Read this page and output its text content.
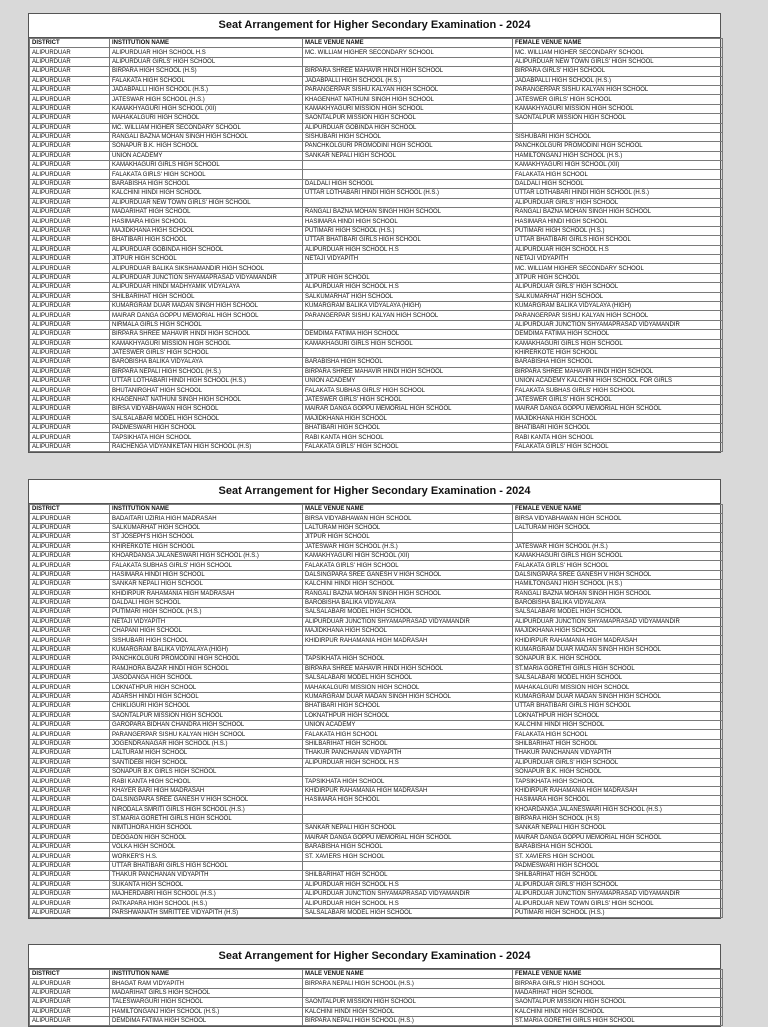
Seat Arrangement for Higher Secondary Examination - 2024
DISTRICT	INSTITUTION NAME	MALE VENUE NAME	FEMALE VENUE NAME
ALIPURDUAR	ALIPURDUAR HIGH SCHOOL H.S	MC. WILLIAM HIGHER SECONDARY SCHOOL	MC. WILLIAM HIGHER SECONDARY SCHOOL
ALIPURDUAR	ALIPURDUAR GIRLS' HIGH SCHOOL		ALIPURDUAR NEW TOWN GIRLS' HIGH SCHOOL
ALIPURDUAR	BIRPARA HIGH SCHOOL (H.S)	BIRPARA SHREE MAHAVIR HINDI HIGH SCHOOL	BIRPARA GIRLS' HIGH SCHOOL
ALIPURDUAR	FALAKATA HIGH SCHOOL	JADABPALLI HIGH SCHOOL (H.S.)	JADABPALLI HIGH SCHOOL (H.S.)
ALIPURDUAR	JADABPALLI HIGH SCHOOL (H.S.)	PARANGERPAR SISHU KALYAN HIGH SCHOOL	PARANGERPAR SISHU KALYAN HIGH SCHOOL
ALIPURDUAR	JATESWAR HIGH SCHOOL (H.S.)	KHAGENHAT NATHUNI SINGH HIGH SCHOOL	JATESWER GIRLS' HIGH SCHOOL
ALIPURDUAR	KAMAKHYAGURI HIGH SCHOOL (XII)	KAMAKHYAGURI MISSION HIGH SCHOOL	KAMAKHYAGURI MISSION HIGH SCHOOL
ALIPURDUAR	MAHAKALGURI HIGH SCHOOL	SAONTALPUR MISSION HIGH SCHOOL	SAONTALPUR MISSION HIGH SCHOOL
ALIPURDUAR	MC. WILLIAM HIGHER SECONDARY SCHOOL	ALIPURDUAR GOBINDA HIGH SCHOOL	
ALIPURDUAR	RANGALI BAZNA MOHAN SINGH HIGH SCHOOL	SISHUBARI HIGH SCHOOL	SISHUBARI HIGH SCHOOL
ALIPURDUAR	SONAPUR B.K. HIGH SCHOOL	PANCHKOLGURI PROMODINI HIGH SCHOOL	PANCHKOLGURI PROMODINI HIGH SCHOOL
ALIPURDUAR	UNION ACADEMY	SANKAR NEPALI HIGH SCHOOL	HAMILTONGANJ HIGH SCHOOL (H.S.)
ALIPURDUAR	KAMAKHAGURI GIRLS HIGH SCHOOL		KAMAKHYAGURI HIGH SCHOOL (XII)
ALIPURDUAR	FALAKATA GIRLS' HIGH SCHOOL		FALAKATA HIGH SCHOOL
ALIPURDUAR	BARABISHA HIGH SCHOOL	DALDALI HIGH SCHOOL	DALDALI HIGH SCHOOL
ALIPURDUAR	KALCHINI HINDI HIGH SCHOOL	UTTAR LOTHABARI HINDI HIGH SCHOOL (H.S.)	UTTAR LOTHABARI HINDI HIGH SCHOOL (H.S.)
ALIPURDUAR	ALIPURDUAR NEW TOWN GIRLS' HIGH SCHOOL		ALIPURDUAR GIRLS' HIGH SCHOOL
ALIPURDUAR	MADARIHAT HIGH SCHOOL	RANGALI BAZNA MOHAN SINGH HIGH SCHOOL	RANGALI BAZNA MOHAN SINGH HIGH SCHOOL
ALIPURDUAR	HASIMARA HIGH SCHOOL	HASIMARA HINDI HIGH SCHOOL	HASIMARA HINDI HIGH SCHOOL
ALIPURDUAR	MAJIDKHANA HIGH SCHOOL	PUTIMARI HIGH SCHOOL (H.S.)	PUTIMARI HIGH SCHOOL (H.S.)
ALIPURDUAR	BHATIBARI HIGH SCHOOL	UTTAR BHATIBARI GIRLS HIGH SCHOOL	UTTAR BHATIBARI GIRLS HIGH SCHOOL
ALIPURDUAR	ALIPURDUAR GOBINDA HIGH SCHOOL	ALIPURDUAR HIGH SCHOOL H.S	ALIPURDUAR HIGH SCHOOL H.S
ALIPURDUAR	JITPUR HIGH SCHOOL	NETAJI VIDYAPITH	NETAJI VIDYAPITH
ALIPURDUAR	ALIPURDUAR BALIKA SIKSHAMANDIR HIGH SCHOOL		MC. WILLIAM HIGHER SECONDARY SCHOOL
ALIPURDUAR	ALIPURDUAR JUNCTION SHYAMAPRASAD VIDYAMANDIR	JITPUR HIGH SCHOOL	JITPUR HIGH SCHOOL
ALIPURDUAR	ALIPURDUAR HINDI MADHYAMIK VIDYALAYA	ALIPURDUAR HIGH SCHOOL H.S	ALIPURDUAR GIRLS' HIGH SCHOOL
ALIPURDUAR	SHILBARIHAT HIGH SCHOOL	SALKUMARHAT HIGH SCHOOL	SALKUMARHAT HIGH SCHOOL
ALIPURDUAR	KUMARGRAM DUAR MADAN SINGH HIGH SCHOOL	KUMARGRAM BALIKA VIDYALAYA (HIGH)	KUMARGRAM BALIKA VIDYALAYA (HIGH)
ALIPURDUAR	MAIRAR DANGA GOPPU MEMORIAL HIGH SCHOOL	PARANGERPAR SISHU KALYAN HIGH SCHOOL	PARANGERPAR SISHU KALYAN HIGH SCHOOL
ALIPURDUAR	NIRMALA GIRLS HIGH SCHOOL		ALIPURDUAR JUNCTION SHYAMAPRASAD VIDYAMANDIR
ALIPURDUAR	BIRPARA SHREE MAHAVIR HINDI HIGH SCHOOL	DEMDIMA FATIMA HIGH SCHOOL	DEMDIMA FATIMA HIGH SCHOOL
ALIPURDUAR	KAMAKHYAGURI MISSION HIGH SCHOOL	KAMAKHAGURI GIRLS HIGH SCHOOL	KAMAKHAGURI GIRLS HIGH SCHOOL
ALIPURDUAR	JATESWER GIRLS' HIGH SCHOOL		KHIRERKOTE HIGH SCHOOL
ALIPURDUAR	BAROBISHA BALIKA VIDYALAYA	BARABISHA HIGH SCHOOL	BARABISHA HIGH SCHOOL
ALIPURDUAR	BIRPARA NEPALI HIGH SCHOOL (H.S.)	BIRPARA SHREE MAHAVIR HINDI HIGH SCHOOL	BIRPARA SHREE MAHAVIR HINDI HIGH SCHOOL
ALIPURDUAR	UTTAR LOTHABARI HINDI HIGH SCHOOL (H.S.)	UNION ACADEMY	UNION ACADEMY KALCHINI HIGH SCHOOL FOR GIRLS
ALIPURDUAR	BHUTANIRGHAT HIGH SCHOOL	FALAKATA SUBHAS GIRLS' HIGH SCHOOL	FALAKATA SUBHAS GIRLS' HIGH SCHOOL
ALIPURDUAR	KHAGENHAT NATHUNI SINGH HIGH SCHOOL	JATESWER GIRLS' HIGH SCHOOL	JATESWER GIRLS' HIGH SCHOOL
ALIPURDUAR	BIRSA VIDYABHAWAN HIGH SCHOOL	MAIRAR DANGA GOPPU MEMORIAL HIGH SCHOOL	MAIRAR DANGA GOPPU MEMORIAL HIGH SCHOOL
ALIPURDUAR	SALSALABARI MODEL HIGH SCHOOL	MAJIDKHANA HIGH SCHOOL	MAJIDKHANA HIGH SCHOOL
ALIPURDUAR	PADMESWARI HIGH SCHOOL	BHATIBARI HIGH SCHOOL	BHATIBARI HIGH SCHOOL
ALIPURDUAR	TAPSIKHATA HIGH SCHOOL	RABI KANTA HIGH SCHOOL	RABI KANTA HIGH SCHOOL
ALIPURDUAR	RAICHENGA VIDYANIKETAN HIGH SCHOOL (H.S)	FALAKATA GIRLS' HIGH SCHOOL	FALAKATA GIRLS' HIGH SCHOOL
Seat Arrangement for Higher Secondary Examination - 2024
DISTRICT	INSTITUTION NAME	MALE VENUE NAME	FEMALE VENUE NAME
ALIPURDUAR	BADAITARI UZIRIA HIGH MADRASAH	BIRSA VIDYABHAWAN HIGH SCHOOL	BIRSA VIDYABHAWAN HIGH SCHOOL
ALIPURDUAR	SALKUMARHAT HIGH SCHOOL	LALTURAM HIGH SCHOOL	LALTURAM HIGH SCHOOL
ALIPURDUAR	ST JOSEPH'S HIGH SCHOOL	JITPUR HIGH SCHOOL	
ALIPURDUAR	KHIRERKOTE HIGH SCHOOL	JATESWAR HIGH SCHOOL (H.S.)	JATESWAR HIGH SCHOOL (H.S.)
ALIPURDUAR	KHOARDANGA JALANESWARI HIGH SCHOOL (H.S.)	KAMAKHYAGURI HIGH SCHOOL (XII)	KAMAKHAGURI GIRLS HIGH SCHOOL
ALIPURDUAR	FALAKATA SUBHAS GIRLS' HIGH SCHOOL	FALAKATA GIRLS' HIGH SCHOOL	FALAKATA GIRLS' HIGH SCHOOL
ALIPURDUAR	HASIMARA HINDI HIGH SCHOOL	DALSINGPARA SREE GANESH V HIGH SCHOOL	DALSINGPARA SREE GANESH V HIGH SCHOOL
ALIPURDUAR	SANKAR NEPALI HIGH SCHOOL	KALCHINI HINDI HIGH SCHOOL	HAMILTONGANJ HIGH SCHOOL (H.S.)
ALIPURDUAR	KHIDIRPUR RAHAMANIA HIGH MADRASAH	RANGALI BAZNA MOHAN SINGH HIGH SCHOOL	RANGALI BAZNA MOHAN SINGH HIGH SCHOOL
ALIPURDUAR	DALDALI HIGH SCHOOL	BAROBISHA BALIKA VIDYALAYA	BAROBISHA BALIKA VIDYALAYA
ALIPURDUAR	PUTIMARI HIGH SCHOOL (H.S.)	SALSALABARI MODEL HIGH SCHOOL	SALSALABARI MODEL HIGH SCHOOL
ALIPURDUAR	NETAJI VIDYAPITH	ALIPURDUAR JUNCTION SHYAMAPRASAD VIDYAMANDIR	ALIPURDUAR JUNCTION SHYAMAPRASAD VIDYAMANDIR
ALIPURDUAR	CHAPANI HIGH SCHOOL	MAJIDKHANA HIGH SCHOOL	MAJIDKHANA HIGH SCHOOL
ALIPURDUAR	SISHUBARI HIGH SCHOOL	KHIDIRPUR RAHAMANIA HIGH MADRASAH	KHIDIRPUR RAHAMANIA HIGH MADRASAH
ALIPURDUAR	KUMARGRAM BALIKA VIDYALAYA (HIGH)		KUMARGRAM DUAR MADAN SINGH HIGH SCHOOL
ALIPURDUAR	PANCHKOLGURI PROMODINI HIGH SCHOOL	TAPSIKHATA HIGH SCHOOL	SONAPUR B.K. HIGH SCHOOL
ALIPURDUAR	RAMJHORA BAZAR HINDI HIGH SCHOOL	BIRPARA SHREE MAHAVIR HINDI HIGH SCHOOL	ST.MARIA GORETHI GIRLS HIGH SCHOOL
ALIPURDUAR	JASODANGA HIGH SCHOOL	SALSALABARI MODEL HIGH SCHOOL	SALSALABARI MODEL HIGH SCHOOL
ALIPURDUAR	LOKNATHPUR HIGH SCHOOL	MAHAKALGURI MISSION HIGH SCHOOL	MAHAKALGURI MISSION HIGH SCHOOL
ALIPURDUAR	ADARSH HINDI HIGH SCHOOL	KUMARGRAM DUAR MADAN SINGH HIGH SCHOOL	KUMARGRAM DUAR MADAN SINGH HIGH SCHOOL
ALIPURDUAR	CHIKLIGURI HIGH SCHOOL	BHATIBARI HIGH SCHOOL	UTTAR BHATIBARI GIRLS HIGH SCHOOL
ALIPURDUAR	SAONTALPUR MISSION HIGH SCHOOL	LOKNATHPUR HIGH SCHOOL	LOKNATHPUR HIGH SCHOOL
ALIPURDUAR	GAROPARA BIDHAN CHANDRA HIGH SCHOOL	UNION ACADEMY	KALCHINI HINDI HIGH SCHOOL
ALIPURDUAR	PARANGERPAR SISHU KALYAN HIGH SCHOOL	FALAKATA HIGH SCHOOL	FALAKATA HIGH SCHOOL
ALIPURDUAR	JOGENDRANAGAR HIGH SCHOOL (H.S.)	SHILBARIHAT HIGH SCHOOL	SHILBARIHAT HIGH SCHOOL
ALIPURDUAR	LALTURAM HIGH SCHOOL	THAKUR PANCHANAN VIDYAPITH	THAKUR PANCHANAN VIDYAPITH
ALIPURDUAR	SANTIDEBI HIGH SCHOOL	ALIPURDUAR HIGH SCHOOL H.S	ALIPURDUAR GIRLS' HIGH SCHOOL
ALIPURDUAR	SONAPUR B.K GIRLS HIGH SCHOOL		SONAPUR B.K. HIGH SCHOOL
ALIPURDUAR	RABI KANTA HIGH SCHOOL	TAPSIKHATA HIGH SCHOOL	TAPSIKHATA HIGH SCHOOL
ALIPURDUAR	KHAYER BARI HIGH MADRASAH	KHIDIRPUR RAHAMANIA HIGH MADRASAH	KHIDIRPUR RAHAMANIA HIGH MADRASAH
ALIPURDUAR	DALSINGPARA SREE GANESH V HIGH SCHOOL	HASIMARA HIGH SCHOOL	HASIMARA HIGH SCHOOL
ALIPURDUAR	NIRODALA SMRITI GIRLS HIGH SCHOOL (H.S.)		KHOARDANGA JALANESWARI HIGH SCHOOL (H.S.)
ALIPURDUAR	ST.MARIA GORETHI GIRLS HIGH SCHOOL		BIRPARA HIGH SCHOOL (H.S)
ALIPURDUAR	NIMTIJHORA HIGH SCHOOL	SANKAR NEPALI HIGH SCHOOL	SANKAR NEPALI HIGH SCHOOL
ALIPURDUAR	DEOGAON HIGH SCHOOL	MAIRAR DANGA GOPPU MEMORIAL HIGH SCHOOL	MAIRAR DANGA GOPPU MEMORIAL HIGH SCHOOL
ALIPURDUAR	VOLKA HIGH SCHOOL	BARABISHA HIGH SCHOOL	BARABISHA HIGH SCHOOL
ALIPURDUAR	WORKER'S H.S.	ST. XAVIERS HIGH SCHOOL	ST. XAVIERS HIGH SCHOOL
ALIPURDUAR	UTTAR BHATIBARI GIRLS HIGH SCHOOL		PADMESWARI HIGH SCHOOL
ALIPURDUAR	THAKUR PANCHANAN VIDYAPITH	SHILBARIHAT HIGH SCHOOL	SHILBARIHAT HIGH SCHOOL
ALIPURDUAR	SUKANTA HIGH SCHOOL	ALIPURDUAR HIGH SCHOOL H.S	ALIPURDUAR GIRLS' HIGH SCHOOL
ALIPURDUAR	MAJHERDABRI HIGH SCHOOL (H.S.)	ALIPURDUAR JUNCTION SHYAMAPRASAD VIDYAMANDIR	ALIPURDUAR JUNCTION SHYAMAPRASAD VIDYAMANDIR
ALIPURDUAR	PATKAPARA HIGH SCHOOL (H.S.)	ALIPURDUAR HIGH SCHOOL H.S	ALIPURDUAR NEW TOWN GIRLS' HIGH SCHOOL
ALIPURDUAR	PARSHWANATH SMRITTEE VIDYAPITH (H.S)	SALSALABARI MODEL HIGH SCHOOL	PUTIMARI HIGH SCHOOL (H.S.)
Seat Arrangement for Higher Secondary Examination - 2024
DISTRICT	INSTITUTION NAME	MALE VENUE NAME	FEMALE VENUE NAME
ALIPURDUAR	BHAGAT RAM VIDYAPITH	BIRPARA NEPALI HIGH SCHOOL (H.S.)	BIRPARA GIRLS' HIGH SCHOOL
ALIPURDUAR	MADARIHAT GIRLS HIGH SCHOOL		MADARIHAT HIGH SCHOOL
ALIPURDUAR	TALESWARGURI HIGH SCHOOL	SAONTALPUR MISSION HIGH SCHOOL	SAONTALPUR MISSION HIGH SCHOOL
ALIPURDUAR	HAMILTONGANJ HIGH SCHOOL (H.S.)	KALCHINI HINDI HIGH SCHOOL	KALCHINI HINDI HIGH SCHOOL
ALIPURDUAR	DEMDIMA FATIMA HIGH SCHOOL	BIRPARA NEPALI HIGH SCHOOL (H.S.)	ST.MARIA GORETHI GIRLS HIGH SCHOOL
